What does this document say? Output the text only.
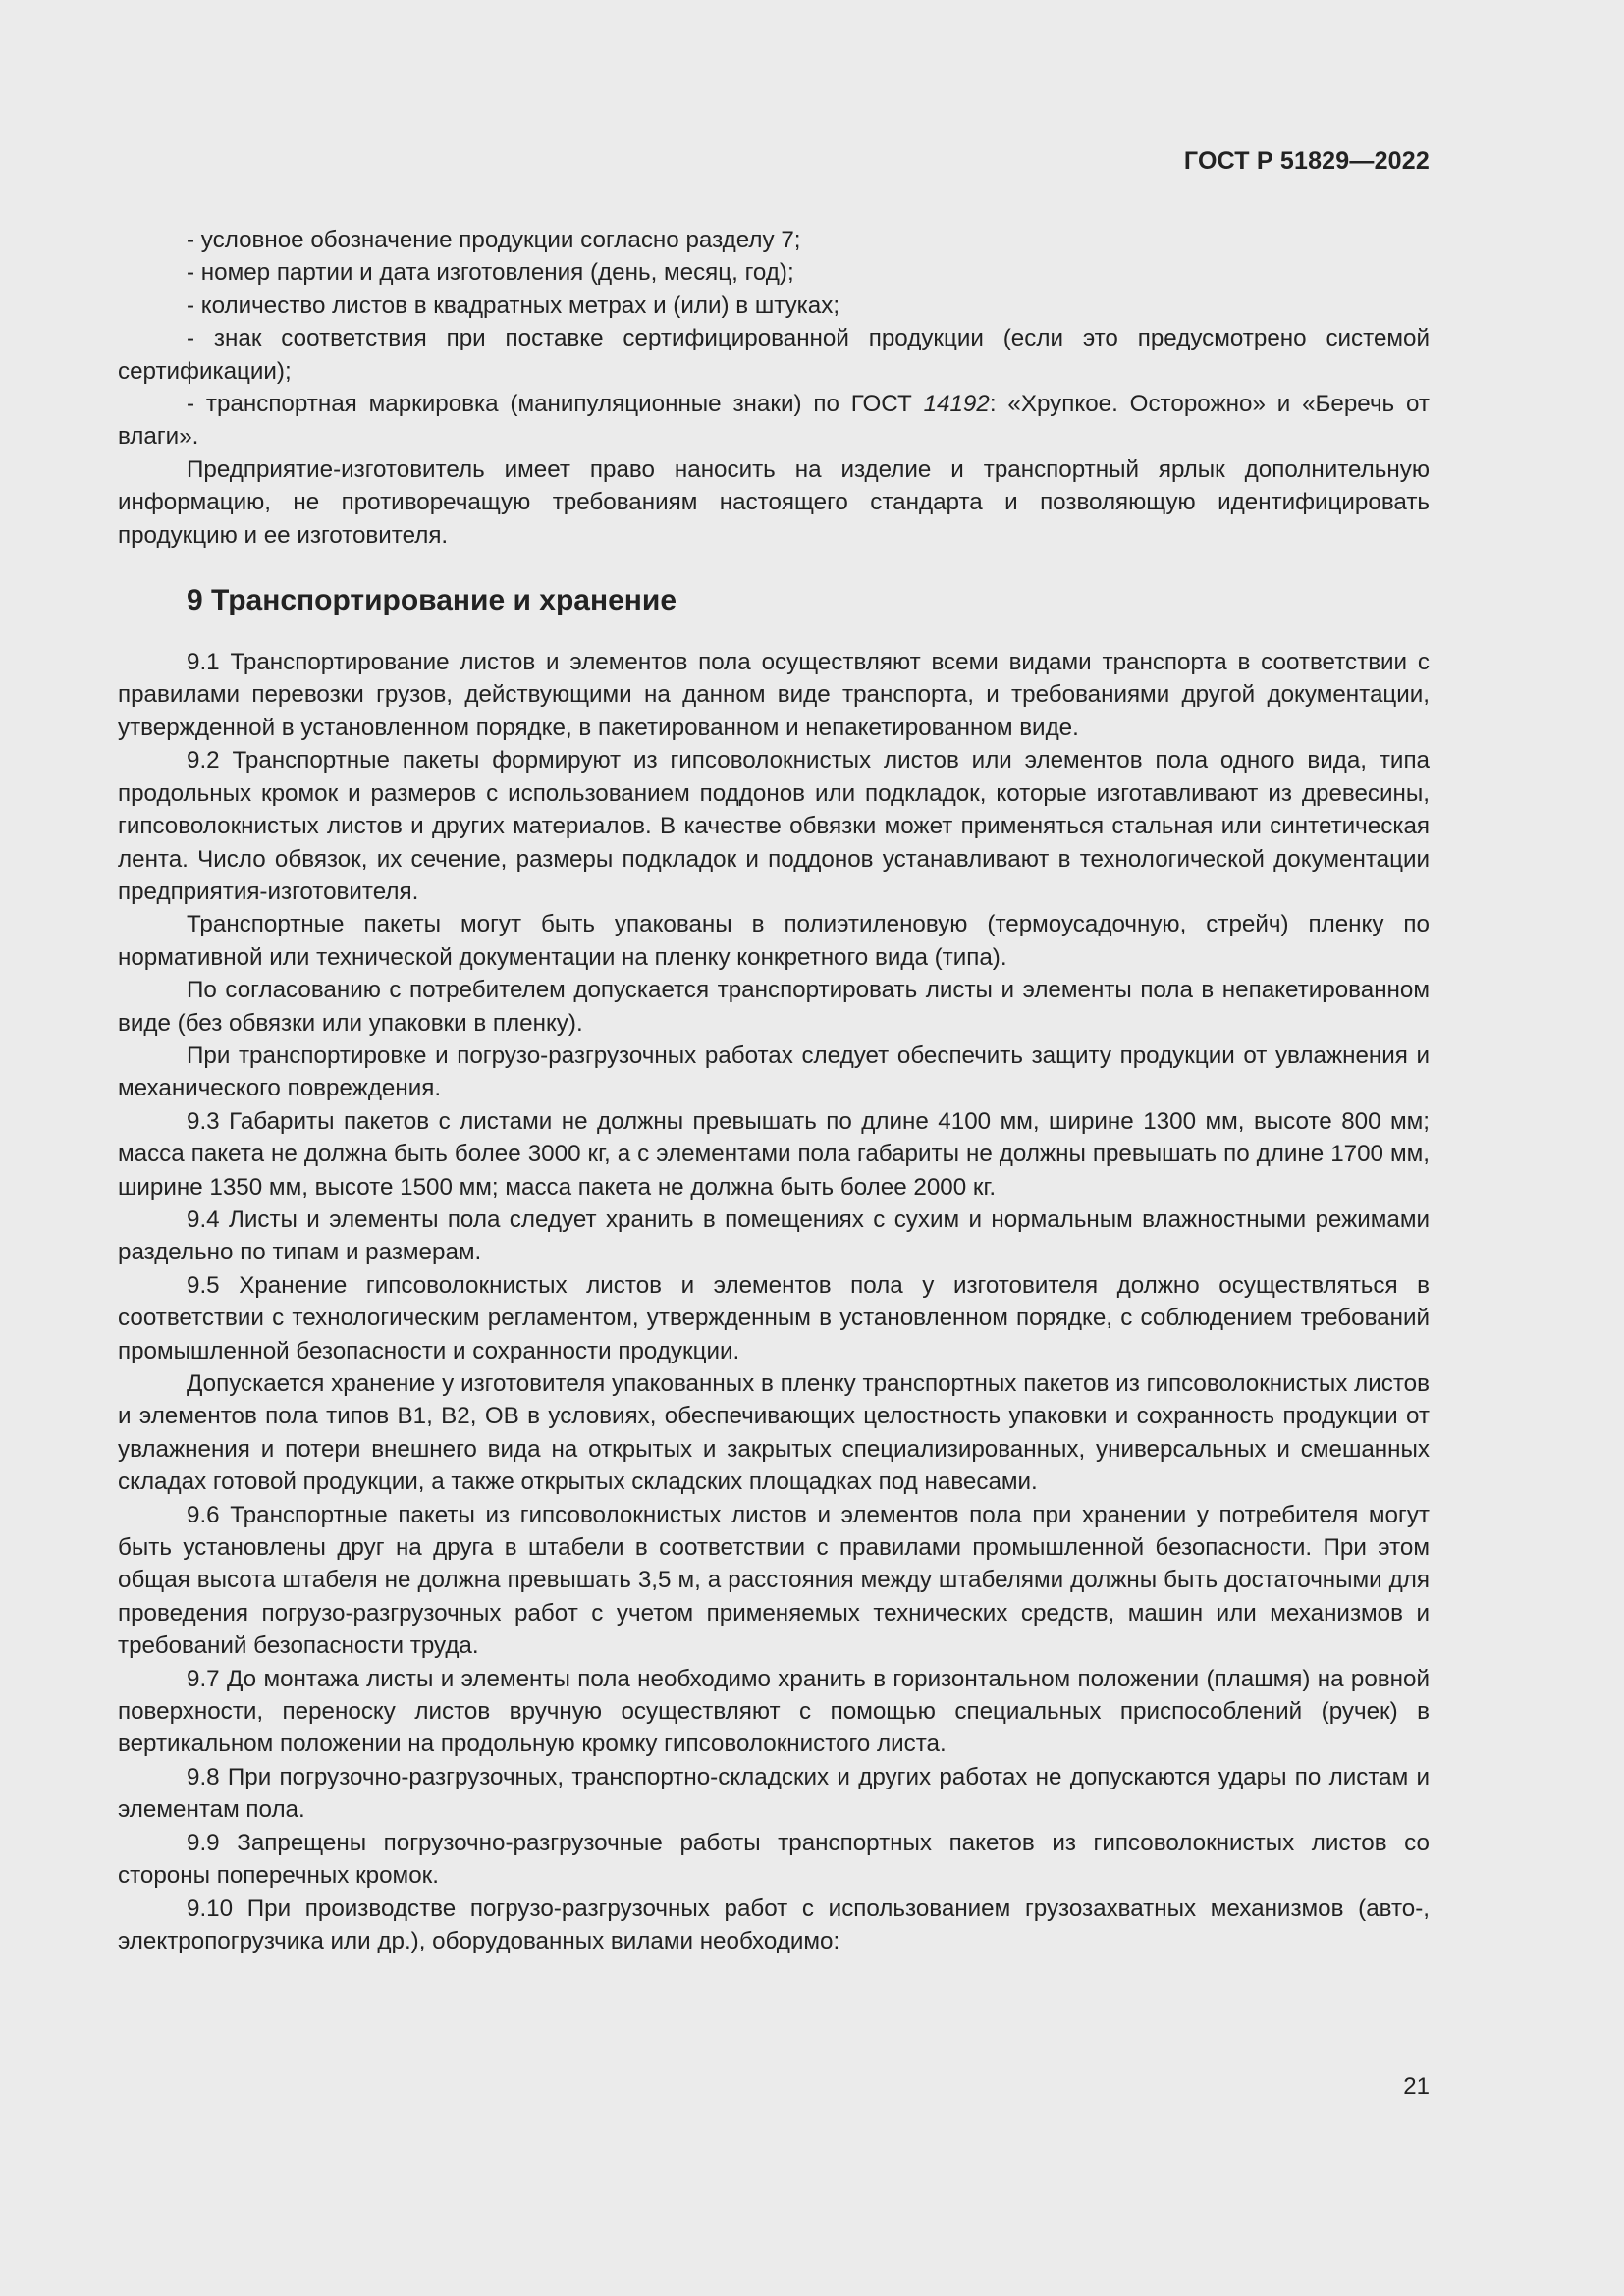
ГОСТ Р 51829—2022

- условное обозначение продукции согласно разделу 7;

- номер партии и дата изготовления (день, месяц, год);

- количество листов в квадратных метрах и (или) в штуках;

- знак соответствия при поставке сертифицированной продукции (если это предусмотрено системой сертификации);

- транспортная маркировка (манипуляционные знаки) по ГОСТ 14192: «Хрупкое. Осторожно» и «Беречь от влаги».

Предприятие-изготовитель имеет право наносить на изделие и транспортный ярлык дополнительную информацию, не противоречащую требованиям настоящего стандарта и позволяющую идентифицировать продукцию и ее изготовителя.

9 Транспортирование и хранение

9.1 Транспортирование листов и элементов пола осуществляют всеми видами транспорта в соответствии с правилами перевозки грузов, действующими на данном виде транспорта, и требованиями другой документации, утвержденной в установленном порядке, в пакетированном и непакетированном виде.

9.2 Транспортные пакеты формируют из гипсоволокнистых листов или элементов пола одного вида, типа продольных кромок и размеров с использованием поддонов или подкладок, которые изготавливают из древесины, гипсоволокнистых листов и других материалов. В качестве обвязки может применяться стальная или синтетическая лента. Число обвязок, их сечение, размеры подкладок и поддонов устанавливают в технологической документации предприятия-изготовителя.

Транспортные пакеты могут быть упакованы в полиэтиленовую (термоусадочную, стрейч) пленку по нормативной или технической документации на пленку конкретного вида (типа).

По согласованию с потребителем допускается транспортировать листы и элементы пола в непакетированном виде (без обвязки или упаковки в пленку).

При транспортировке и погрузо-разгрузочных работах следует обеспечить защиту продукции от увлажнения и механического повреждения.

9.3 Габариты пакетов с листами не должны превышать по длине 4100 мм, ширине 1300 мм, высоте 800 мм; масса пакета не должна быть более 3000 кг, а с элементами пола габариты не должны превышать по длине 1700 мм, ширине 1350 мм, высоте 1500 мм; масса пакета не должна быть более 2000 кг.

9.4 Листы и элементы пола следует хранить в помещениях с сухим и нормальным влажностными режимами раздельно по типам и размерам.

9.5 Хранение гипсоволокнистых листов и элементов пола у изготовителя должно осуществляться в соответствии с технологическим регламентом, утвержденным в установленном порядке, с соблюдением требований промышленной безопасности и сохранности продукции.

Допускается хранение у изготовителя упакованных в пленку транспортных пакетов из гипсоволокнистых листов и элементов пола типов В1, В2, ОВ в условиях, обеспечивающих целостность упаковки и сохранность продукции от увлажнения и потери внешнего вида на открытых и закрытых специализированных, универсальных и смешанных складах готовой продукции, а также открытых складских площадках под навесами.

9.6 Транспортные пакеты из гипсоволокнистых листов и элементов пола при хранении у потребителя могут быть установлены друг на друга в штабели в соответствии с правилами промышленной безопасности. При этом общая высота штабеля не должна превышать 3,5 м, а расстояния между штабелями должны быть достаточными для проведения погрузо-разгрузочных работ с учетом применяемых технических средств, машин или механизмов и требований безопасности труда.

9.7 До монтажа листы и элементы пола необходимо хранить в горизонтальном положении (плашмя) на ровной поверхности, переноску листов вручную осуществляют с помощью специальных приспособлений (ручек) в вертикальном положении на продольную кромку гипсоволокнистого листа.

9.8 При погрузочно-разгрузочных, транспортно-складских и других работах не допускаются удары по листам и элементам пола.

9.9 Запрещены погрузочно-разгрузочные работы транспортных пакетов из гипсоволокнистых листов со стороны поперечных кромок.

9.10 При производстве погрузо-разгрузочных работ с использованием грузозахватных механизмов (авто-, электропогрузчика или др.), оборудованных вилами необходимо:

21
